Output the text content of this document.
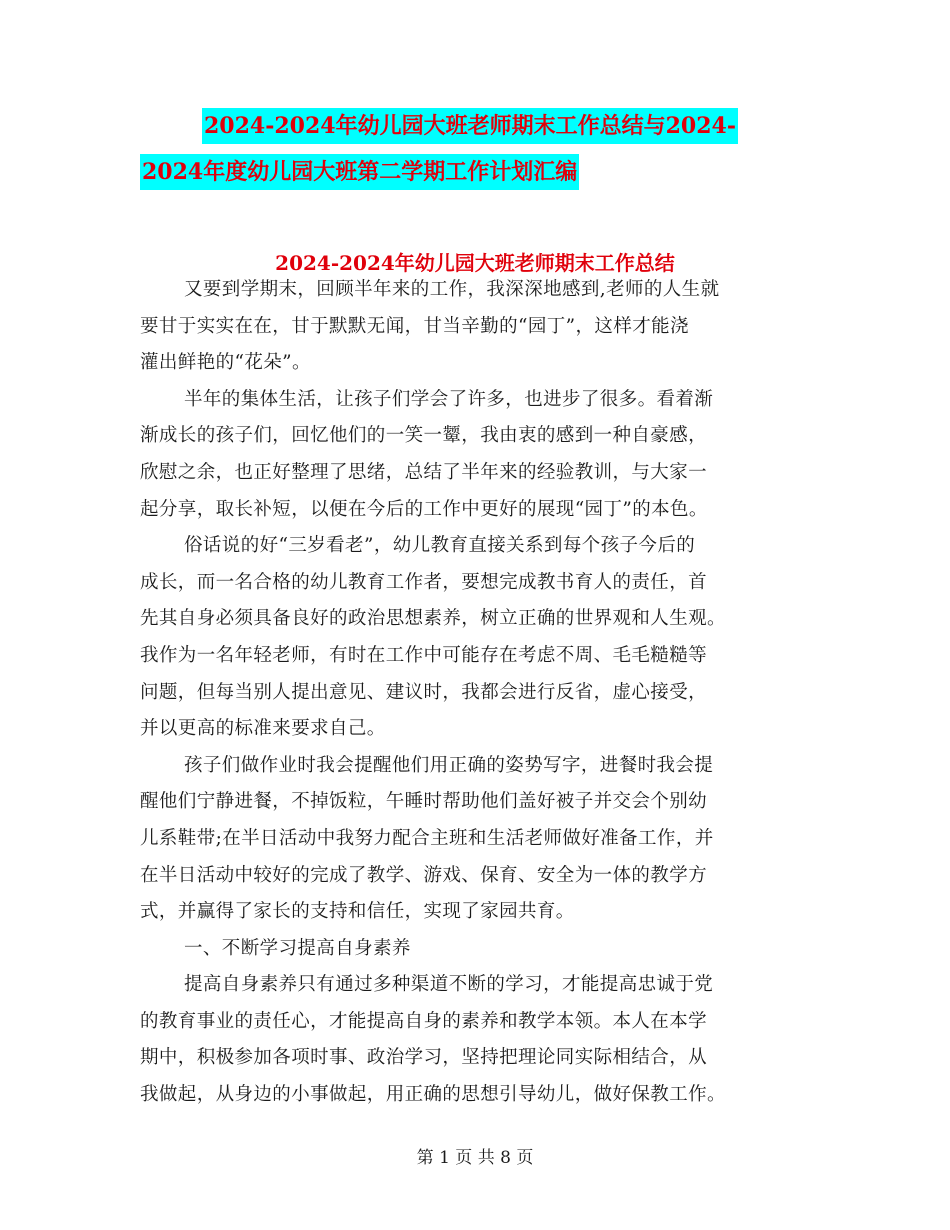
2024-2024年幼儿园大班老师期末工作总结与2024-
2024年度幼儿园大班第二学期工作计划汇编
2024-2024年幼儿园大班老师期末工作总结

又要到学期末，回顾半年来的工作，我深深地感到,老师的人生就

要甘于实实在在，甘于默默无闻，甘当辛勤的“园丁”，这样才能浇

灌出鲜艳的“花朵”。

半年的集体生活，让孩子们学会了许多，也进步了很多。看着渐

渐成长的孩子们，回忆他们的一笑一颦，我由衷的感到一种自豪感，

欣慰之余，也正好整理了思绪，总结了半年来的经验教训，与大家一

起分享，取长补短，以便在今后的工作中更好的展现“园丁”的本色。

俗话说的好“三岁看老”，幼儿教育直接关系到每个孩子今后的

成长，而一名合格的幼儿教育工作者，要想完成教书育人的责任，首

先其自身必须具备良好的政治思想素养，树立正确的世界观和人生观。

我作为一名年轻老师，有时在工作中可能存在考虑不周、毛毛糙糙等

问题，但每当别人提出意见、建议时，我都会进行反省，虚心接受，

并以更高的标准来要求自己。

孩子们做作业时我会提醒他们用正确的姿势写字，进餐时我会提

醒他们宁静进餐，不掉饭粒，午睡时帮助他们盖好被子并交会个别幼

儿系鞋带;在半日活动中我努力配合主班和生活老师做好准备工作，并

在半日活动中较好的完成了教学、游戏、保育、安全为一体的教学方

式，并赢得了家长的支持和信任，实现了家园共育。

一、不断学习提高自身素养

提高自身素养只有通过多种渠道不断的学习，才能提高忠诚于党

的教育事业的责任心，才能提高自身的素养和教学本领。本人在本学

期中，积极参加各项时事、政治学习，坚持把理论同实际相结合，从

我做起，从身边的小事做起，用正确的思想引导幼儿，做好保教工作。

第 1 页 共 8 页
